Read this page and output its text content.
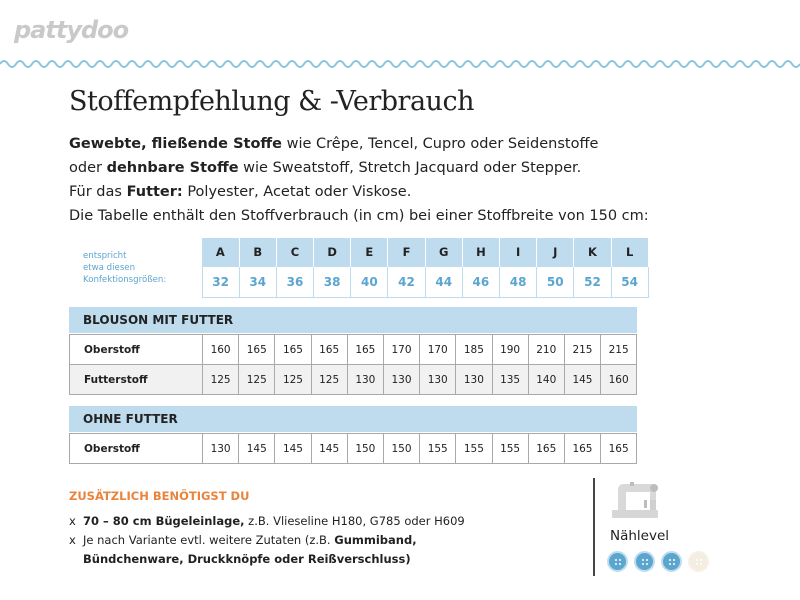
pattydoo
Stoffempfehlung & -Verbrauch

Gewebte, fließende Stoffe wie Crêpe, Tencel, Cupro oder Seidenstoffe

oder dehnbare Stoffe wie Sweatstoff, Stretch Jacquard oder Stepper.

Für das Futter: Polyester, Acetat oder Viskose.

Die Tabelle enthält den Stoffverbrauch (in cm) bei einer Stoffbreite von 150 cm:

entspricht
etwa diesen
Konfektionsgrößen:	A	B	C	D	E	F	G	H	I	J	K	L
	32	34	36	38	40	42	44	46	48	50	52	54
BLOUSON MIT FUTTER
Oberstoff	160	165	165	165	165	170	170	185	190	210	215	215
Futterstoff	125	125	125	125	130	130	130	130	135	140	145	160
OHNE FUTTER
Oberstoff	130	145	145	145	150	150	155	155	155	165	165	165
ZUSÄTZLICH BENÖTIGST DU
x 70 – 80 cm Bügeleinlage, z.B. Vlieseline H180, G785 oder H609
x Je nach Variante evtl. weitere Zutaten (z.B. Gummiband,
Bündchenware, Druckknöpfe oder Reißverschluss)
Nählevel
